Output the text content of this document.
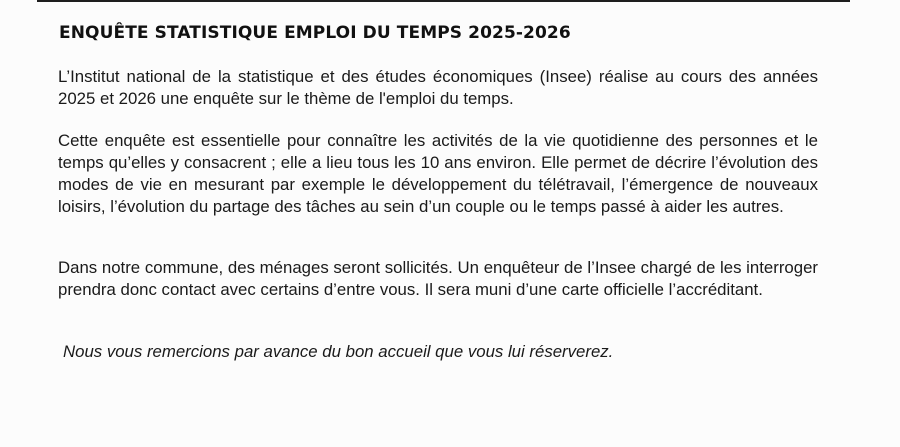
ENQUÊTE STATISTIQUE EMPLOI DU TEMPS 2025-2026

L’Institut national de la statistique et des études économiques (Insee) réalise au cours des années 2025 et 2026 une enquête sur le thème de l'emploi du temps.

Cette enquête est essentielle pour connaître les activités de la vie quotidienne des personnes et le temps qu’elles y consacrent ; elle a lieu tous les 10 ans environ. Elle permet de décrire l’évolution des modes de vie en mesurant par exemple le développement du télétravail, l’émergence de nouveaux loisirs, l’évolution du partage des tâches au sein d’un couple ou le temps passé à aider les autres.

Dans notre commune, des ménages seront sollicités. Un enquêteur de l’Insee chargé de les interroger prendra donc contact avec certains d’entre vous. Il sera muni d’une carte officielle l’accréditant.

Nous vous remercions par avance du bon accueil que vous lui réserverez.
